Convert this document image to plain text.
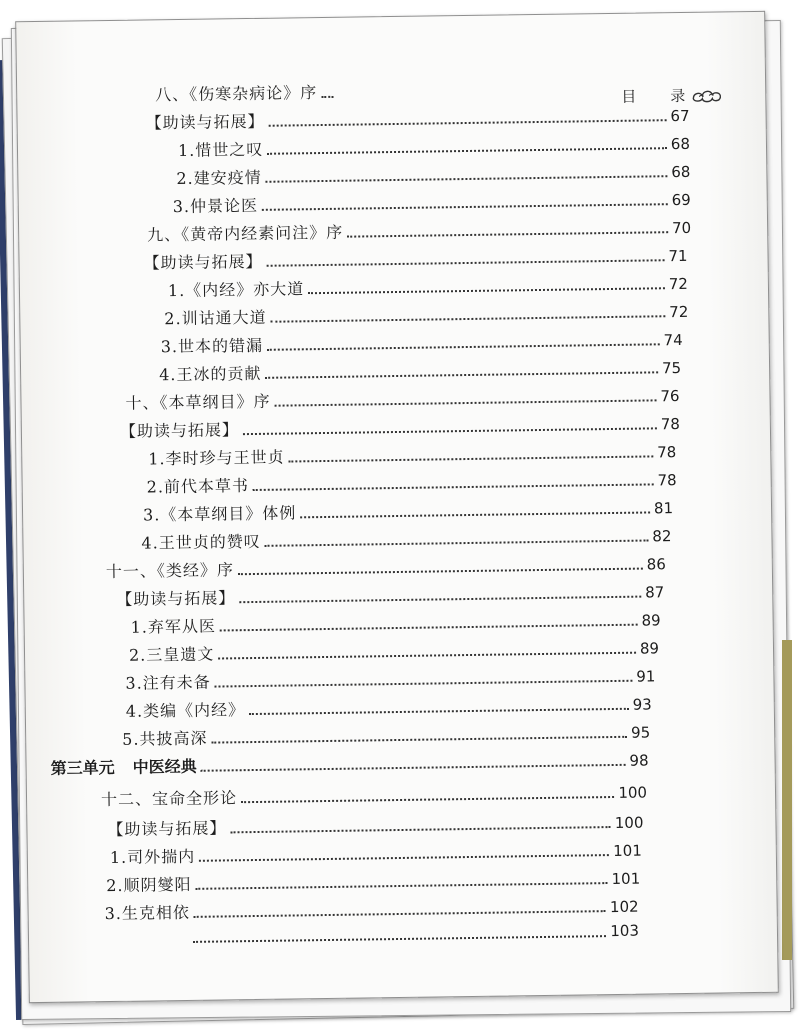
目 录
八、《伤寒杂病论》序
【助读与拓展】	67
1.惜世之叹	68
2.建安疫情	68
3.仲景论医	69
九、《黄帝内经素问注》序	70
【助读与拓展】	71
1.《内经》亦大道	72
2.训诂通大道	72
3.世本的错漏	74
4.王冰的贡献	75
十、《本草纲目》序	76
【助读与拓展】	78
1.李时珍与王世贞	78
2.前代本草书	78
3.《本草纲目》体例	81
4.王世贞的赞叹	82
十一、《类经》序	86
【助读与拓展】	87
1.弃军从医	89
2.三皇遗文	89
3.注有未备	91
4.类编《内经》	93
5.共披高深	95
第三单元 中医经典	98
十二、宝命全形论	100
【助读与拓展】	100
1.司外揣内	101
2.顺阴燮阳	101
3.生克相依	102
103
